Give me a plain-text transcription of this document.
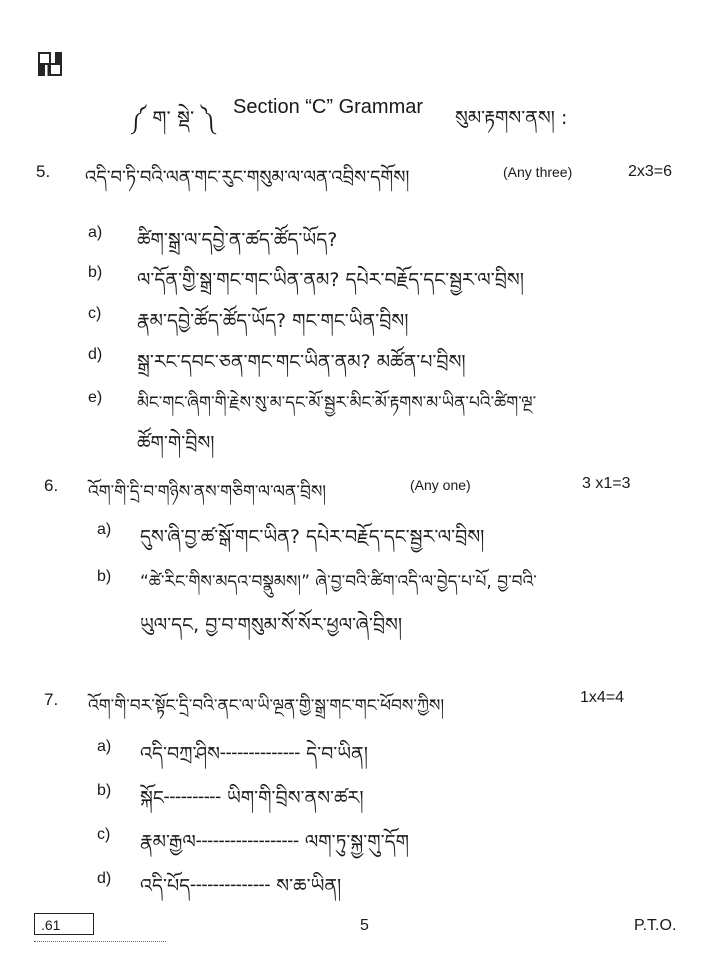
༼ ག་ སྡེ་ ༽ Section “C” Grammar སུམ་རྟགས་ནས། :
5. འདི་བ་ཏི་བའི་ལན་གང་རུང་གསུམ་ལ་ལན་འབྲིས་དགོས།	(Any three)	2x3=6
a) ཚིག་སྒྲ་ལ་དབྱེ་ན་ཚད་ཚོད་ཡོད?
b) ལ་དོན་གྱི་སྒྲ་གང་གང་ཡིན་ནམ? དཔེར་བརྗོད་དང་སྦྱར་ལ་བྲིས།
c) རྣམ་དབྱེ་ཚོད་ཚོད་ཡོད? གང་གང་ཡིན་བྲིས།
d) སྒྲ་རང་དབང་ཅན་གང་གང་ཡིན་ནམ? མཚོན་པ་བྲིས།
e) མིང་གང་ཞིག་གི་རྗེས་སུ་མ་དང་མོ་སྦྱར་མིང་མོ་རྟགས་མ་ཡིན་པའི་ཚིག་ལྔ་
ཚོག་གེ་བྲིས།
6. འོག་གི་དྲི་བ་གཉིས་ནས་གཅིག་ལ་ལན་བྲིས།	(Any one)	3 x1=3
a) དུས་ཞི་བྱ་ཚ་སྒོ་གང་ཡིན? དཔེར་བརྗོད་དང་སྦྱར་ལ་བྲིས།
b) “ཚེ་རིང་གིས་མདའ་བསྣུམས།” ཞེ་བྱ་བའི་ཚིག་འདི་ལ་བྱེད་པ་པོ, བྱ་བའི་
ཡུལ་དང, བྱ་བ་གསུམ་སོ་སོར་ཕྱལ་ཞེ་བྲིས།
7. འོག་གི་བར་སྟོང་དྲི་བའི་ནང་ལ་ཡི་ལྔན་གྱི་སྒྲ་གང་གང་ཕོབས་ཀྱིས།	1x4=4
a) འདི་བཀྲ་ཤིས╌╌╌╌╌╌╌ དེ་བ་ཡིན།
b) སྐོང╌╌╌╌╌ ཡིག་གི་བྲིས་ནས་ཚར།
c) རྣམ་རྒྱལ╌╌╌╌╌╌╌╌╌ ལག་ཏུ་སྐྱ་གུ་དོག
d) འདི་པོད╌╌╌╌╌╌╌ ས་ཆ་ཡིན།
.61	5	P.T.O.
